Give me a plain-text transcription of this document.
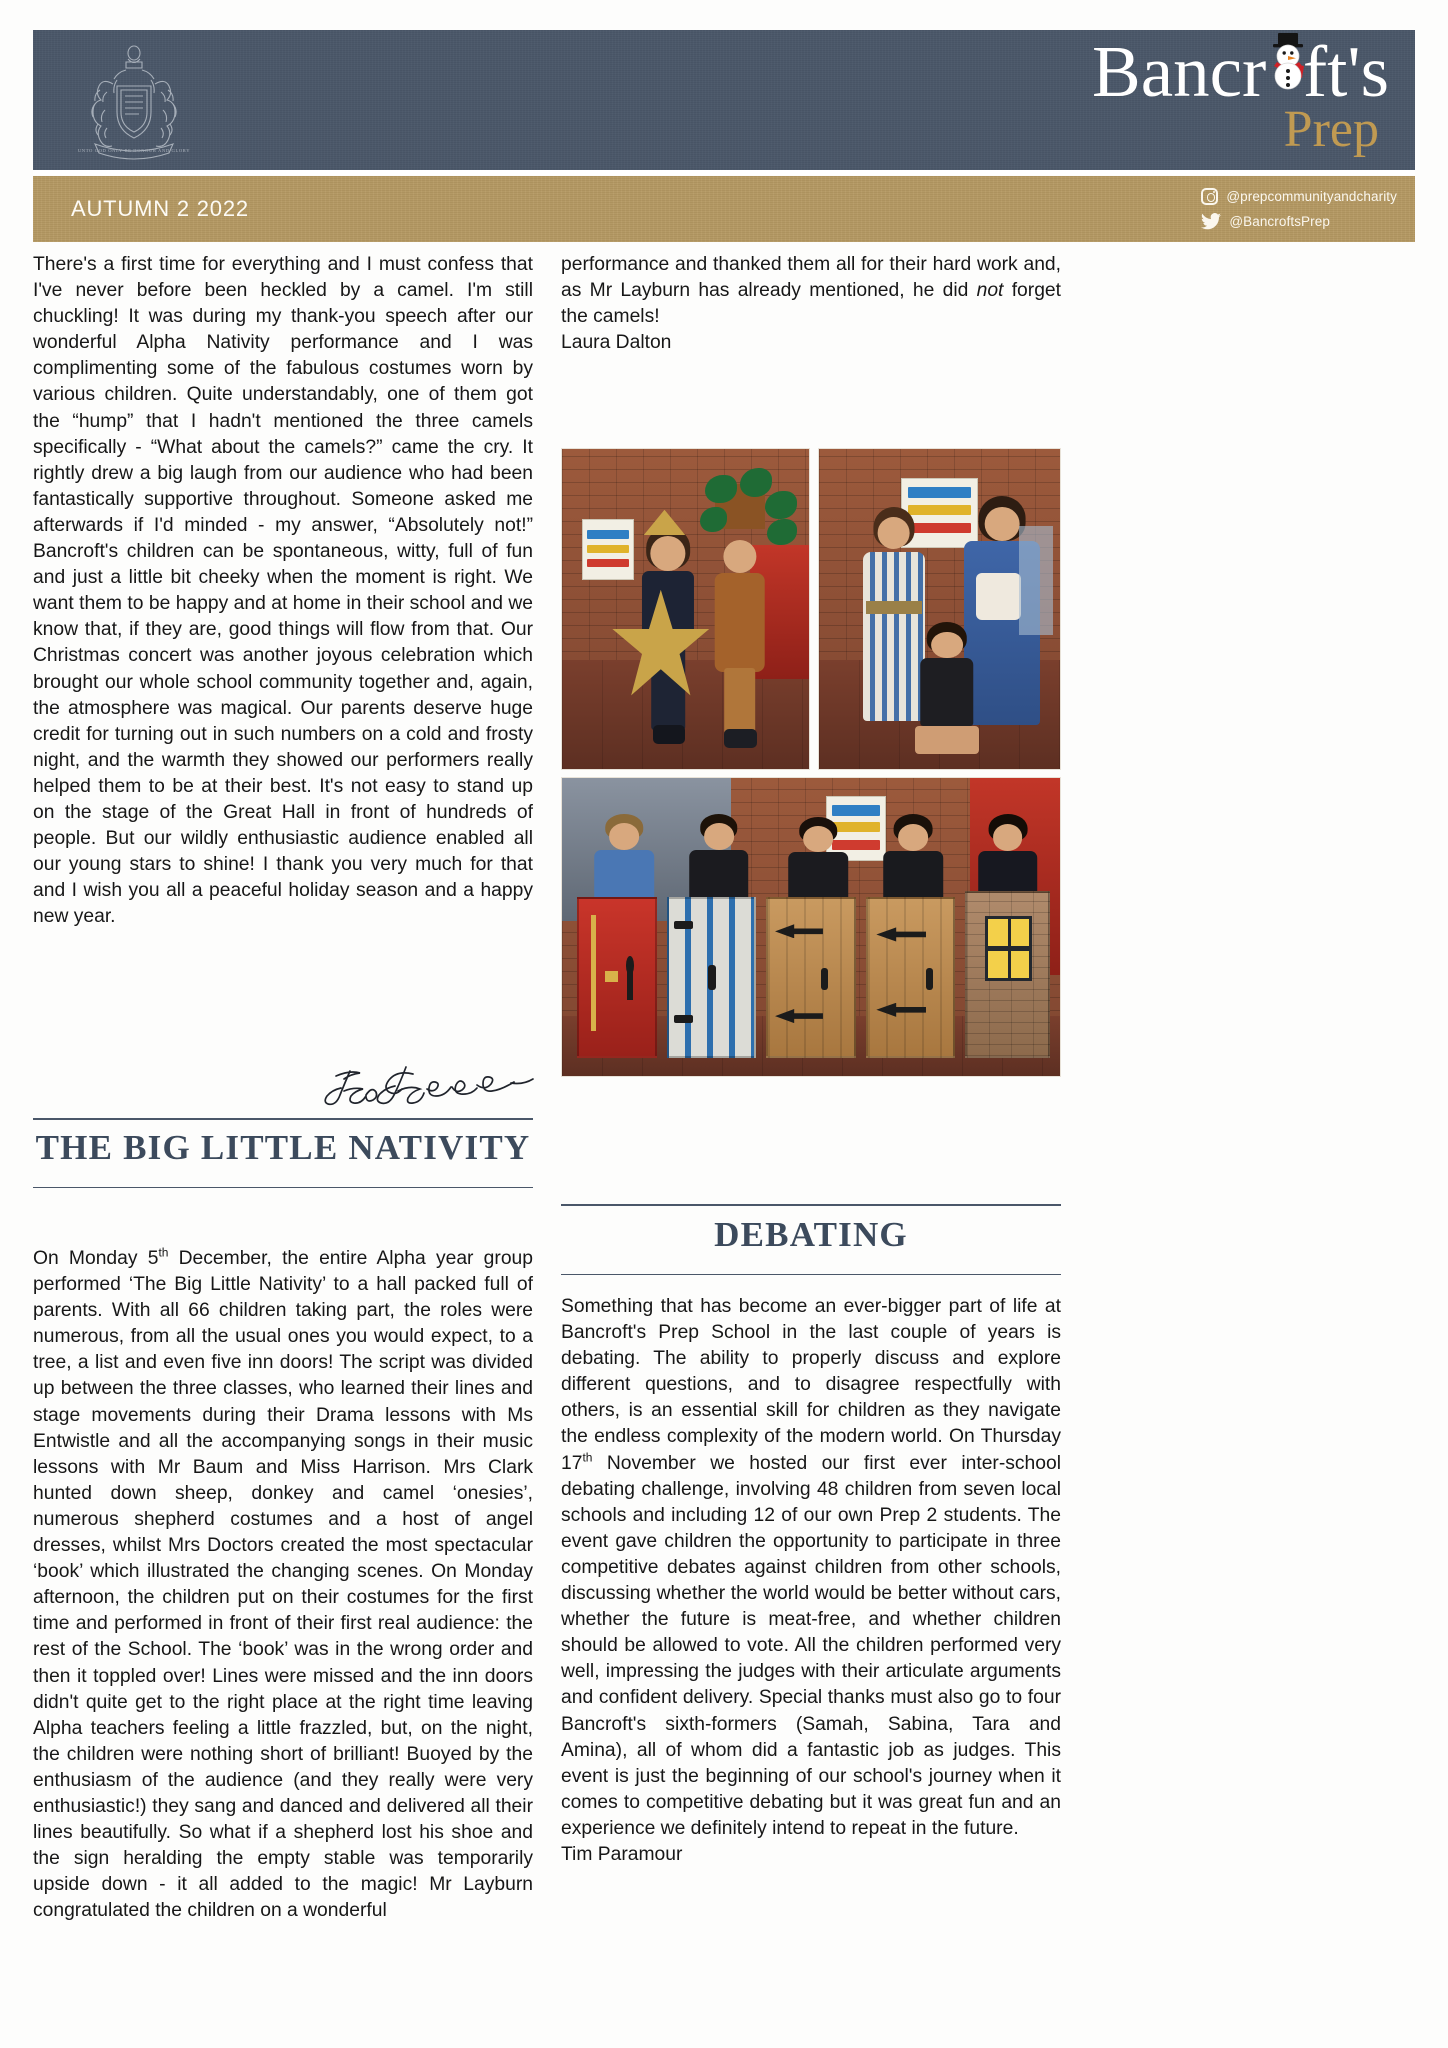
UNTO GOD ONLY BE HONOUR AND GLORY
Bancr ft's
Prep
AUTUMN 2 2022	@prepcommunityandcharity
@BancroftsPrep

There's a first time for everything and I must confess that I've never before been heckled by a camel. I'm still chuckling! It was during my thank-you speech after our wonderful Alpha Nativity performance and I was complimenting some of the fabulous costumes worn by various children. Quite understandably, one of them got the “hump” that I hadn't mentioned the three camels specifically - “What about the camels?” came the cry. It rightly drew a big laugh from our audience who had been fantastically supportive throughout. Someone asked me afterwards if I'd minded - my answer, “Absolutely not!” Bancroft's children can be spontaneous, witty, full of fun and just a little bit cheeky when the moment is right. We want them to be happy and at home in their school and we know that, if they are, good things will flow from that. Our Christmas concert was another joyous celebration which brought our whole school community together and, again, the atmosphere was magical. Our parents deserve huge credit for turning out in such numbers on a cold and frosty night, and the warmth they showed our performers really helped them to be at their best. It's not easy to stand up on the stage of the Great Hall in front of hundreds of people. But our wildly enthusiastic audience enabled all our young stars to shine! I thank you very much for that and I wish you all a peaceful holiday season and a happy new year.

THE BIG LITTLE NATIVITY

On Monday 5th December, the entire Alpha year group performed ‘The Big Little Nativity’ to a hall packed full of parents. With all 66 children taking part, the roles were numerous, from all the usual ones you would expect, to a tree, a list and even five inn doors! The script was divided up between the three classes, who learned their lines and stage movements during their Drama lessons with Ms Entwistle and all the accompanying songs in their music lessons with Mr Baum and Miss Harrison. Mrs Clark hunted down sheep, donkey and camel ‘onesies’, numerous shepherd costumes and a host of angel dresses, whilst Mrs Doctors created the most spectacular ‘book’ which illustrated the changing scenes. On Monday afternoon, the children put on their costumes for the first time and performed in front of their first real audience: the rest of the School. The ‘book’ was in the wrong order and then it toppled over! Lines were missed and the inn doors didn't quite get to the right place at the right time leaving Alpha teachers feeling a little frazzled, but, on the night, the children were nothing short of brilliant! Buoyed by the enthusiasm of the audience (and they really were very enthusiastic!) they sang and danced and delivered all their lines beautifully. So what if a shepherd lost his shoe and the sign heralding the empty stable was temporarily upside down - it all added to the magic! Mr Layburn congratulated the children on a wonderful

performance and thanked them all for their hard work and, as Mr Layburn has already mentioned, he did not forget the camels!

Laura Dalton

DEBATING

Something that has become an ever-bigger part of life at Bancroft's Prep School in the last couple of years is debating. The ability to properly discuss and explore different questions, and to disagree respectfully with others, is an essential skill for children as they navigate the endless complexity of the modern world. On Thursday 17th November we hosted our first ever inter-school debating challenge, involving 48 children from seven local schools and including 12 of our own Prep 2 students. The event gave children the opportunity to participate in three competitive debates against children from other schools, discussing whether the world would be better without cars, whether the future is meat-free, and whether children should be allowed to vote. All the children performed very well, impressing the judges with their articulate arguments and confident delivery. Special thanks must also go to four Bancroft's sixth-formers (Samah, Sabina, Tara and Amina), all of whom did a fantastic job as judges. This event is just the beginning of our school's journey when it comes to competitive debating but it was great fun and an experience we definitely intend to repeat in the future.

Tim Paramour
